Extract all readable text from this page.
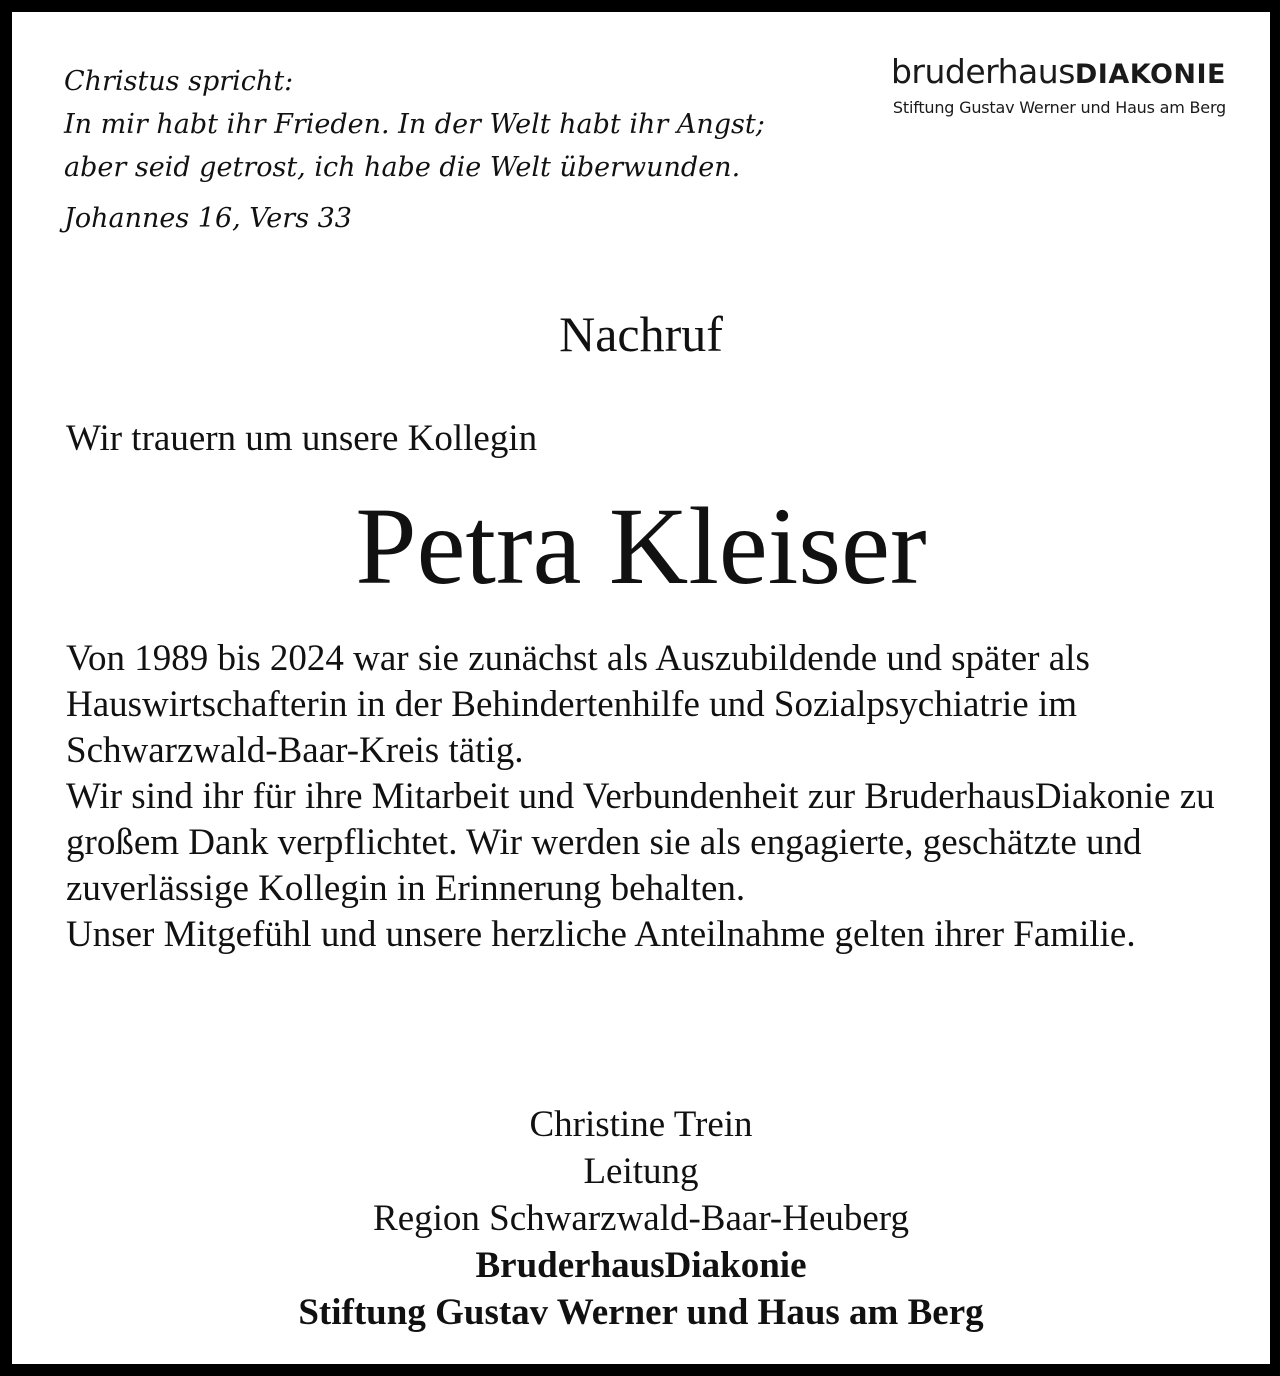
Christus spricht:
In mir habt ihr Frieden. In der Welt habt ihr Angst;
aber seid getrost, ich habe die Welt überwunden.
Johannes 16, Vers 33
bruderhausDIAKONIE
Stiftung Gustav Werner und Haus am Berg
Nachruf
Wir trauern um unsere Kollegin
Petra Kleiser

Von 1989 bis 2024 war sie zunächst als Auszubildende und später als Hauswirtschafterin in der Behindertenhilfe und Sozialpsychiatrie im Schwarzwald-Baar-Kreis tätig.

Wir sind ihr für ihre Mitarbeit und Verbundenheit zur BruderhausDiakonie zu großem Dank verpflichtet. Wir werden sie als engagierte, geschätzte und zuverlässige Kollegin in Erinnerung behalten.

Unser Mitgefühl und unsere herzliche Anteilnahme gelten ihrer Familie.

Christine Trein
Leitung
Region Schwarzwald-Baar-Heuberg
BruderhausDiakonie
Stiftung Gustav Werner und Haus am Berg
